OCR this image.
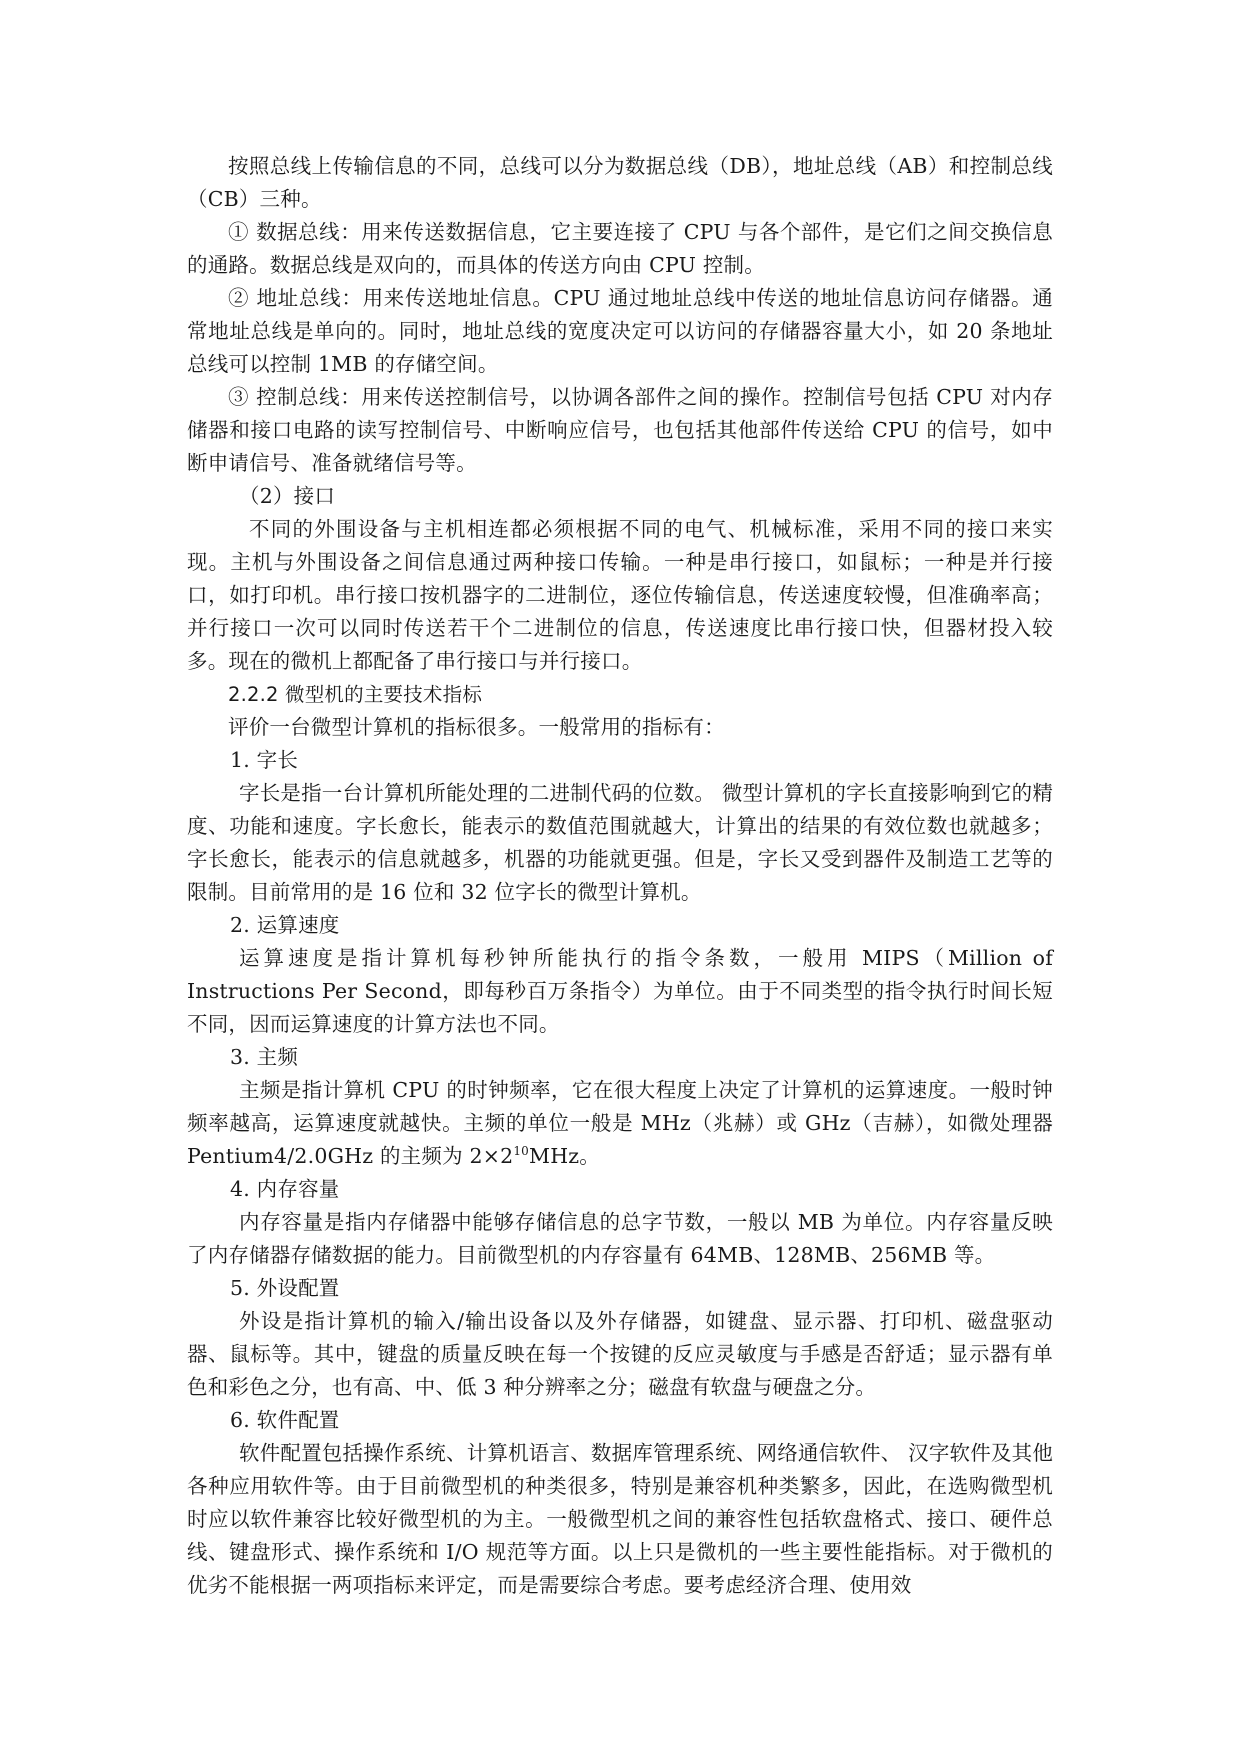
按照总线上传输信息的不同，总线可以分为数据总线（DB），地址总线（AB）和控制总线（CB）三种。

① 数据总线：用来传送数据信息，它主要连接了 CPU 与各个部件，是它们之间交换信息的通路。数据总线是双向的，而具体的传送方向由 CPU 控制。

② 地址总线：用来传送地址信息。CPU 通过地址总线中传送的地址信息访问存储器。通常地址总线是单向的。同时，地址总线的宽度决定可以访问的存储器容量大小，如 20 条地址总线可以控制 1MB 的存储空间。

③ 控制总线：用来传送控制信号，以协调各部件之间的操作。控制信号包括 CPU 对内存储器和接口电路的读写控制信号、中断响应信号，也包括其他部件传送给 CPU 的信号，如中断申请信号、准备就绪信号等。

（2）接口

不同的外围设备与主机相连都必须根据不同的电气、机械标准，采用不同的接口来实现。主机与外围设备之间信息通过两种接口传输。一种是串行接口，如鼠标；一种是并行接口，如打印机。串行接口按机器字的二进制位，逐位传输信息，传送速度较慢，但准确率高；并行接口一次可以同时传送若干个二进制位的信息，传送速度比串行接口快，但器材投入较多。现在的微机上都配备了串行接口与并行接口。

2.2.2 微型机的主要技术指标

评价一台微型计算机的指标很多。一般常用的指标有：

1. 字长

字长是指一台计算机所能处理的二进制代码的位数。 微型计算机的字长直接影响到它的精度、功能和速度。字长愈长，能表示的数值范围就越大，计算出的结果的有效位数也就越多；字长愈长，能表示的信息就越多，机器的功能就更强。但是，字长又受到器件及制造工艺等的限制。目前常用的是 16 位和 32 位字长的微型计算机。

2. 运算速度

运算速度是指计算机每秒钟所能执行的指令条数，一般用 MIPS（Million of Instructions Per Second，即每秒百万条指令）为单位。由于不同类型的指令执行时间长短不同，因而运算速度的计算方法也不同。

3. 主频

主频是指计算机 CPU 的时钟频率，它在很大程度上决定了计算机的运算速度。一般时钟频率越高，运算速度就越快。主频的单位一般是 MHz（兆赫）或 GHz（吉赫），如微处理器 Pentium4/2.0GHz 的主频为 $2\times 2^{10}MHz$。

4. 内存容量

内存容量是指内存储器中能够存储信息的总字节数，一般以 MB 为单位。内存容量反映了内存储器存储数据的能力。目前微型机的内存容量有 64MB、128MB、256MB 等。

5. 外设配置

外设是指计算机的输入/输出设备以及外存储器，如键盘、显示器、打印机、磁盘驱动器、鼠标等。其中，键盘的质量反映在每一个按键的反应灵敏度与手感是否舒适；显示器有单色和彩色之分，也有高、中、低 3 种分辨率之分；磁盘有软盘与硬盘之分。

6. 软件配置

软件配置包括操作系统、计算机语言、数据库管理系统、网络通信软件、 汉字软件及其他各种应用软件等。由于目前微型机的种类很多，特别是兼容机种类繁多，因此，在选购微型机时应以软件兼容比较好微型机的为主。一般微型机之间的兼容性包括软盘格式、接口、硬件总线、键盘形式、操作系统和 I/O 规范等方面。以上只是微机的一些主要性能指标。对于微机的优劣不能根据一两项指标来评定，而是需要综合考虑。要考虑经济合理、使用效
